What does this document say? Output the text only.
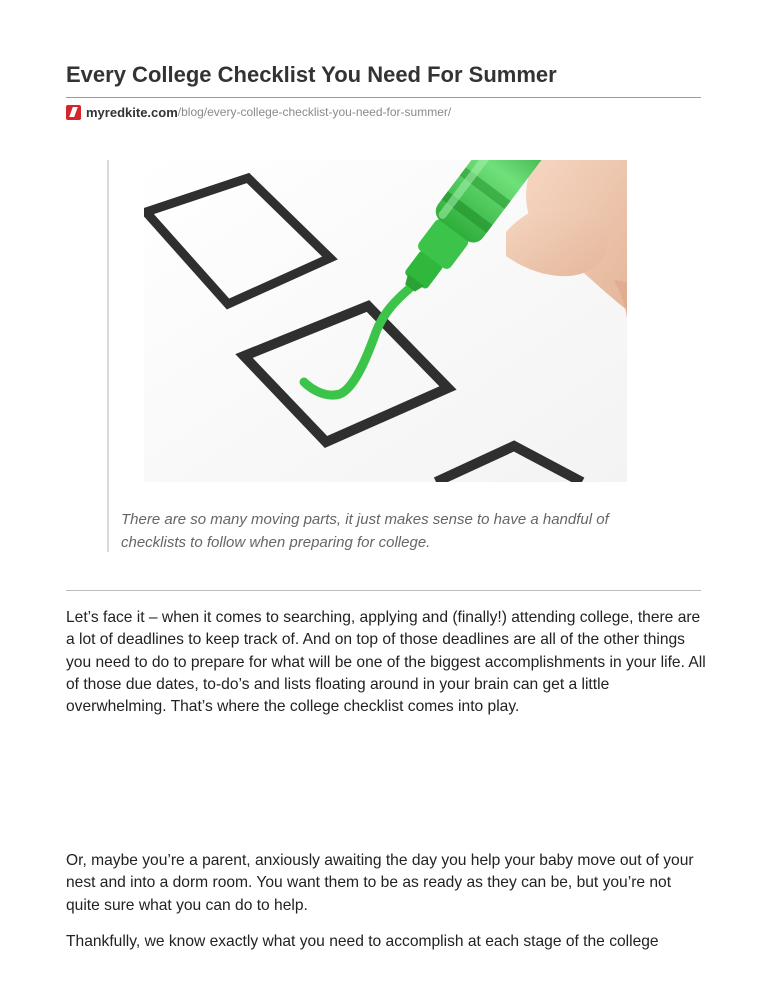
Every College Checklist You Need For Summer
myredkite.com /blog/every-college-checklist-you-need-for-summer/

There are so many moving parts, it just makes sense to have a handful of checklists to follow when preparing for college.

Let’s face it – when it comes to searching, applying and (finally!) attending college, there are a lot of deadlines to keep track of. And on top of those deadlines are all of the other things you need to do to prepare for what will be one of the biggest accomplishments in your life. All of those due dates, to-do’s and lists floating around in your brain can get a little overwhelming. That’s where the college checklist comes into play.

Or, maybe you’re a parent, anxiously awaiting the day you help your baby move out of your nest and into a dorm room. You want them to be as ready as they can be, but you’re not quite sure what you can do to help.

Thankfully, we know exactly what you need to accomplish at each stage of the college
